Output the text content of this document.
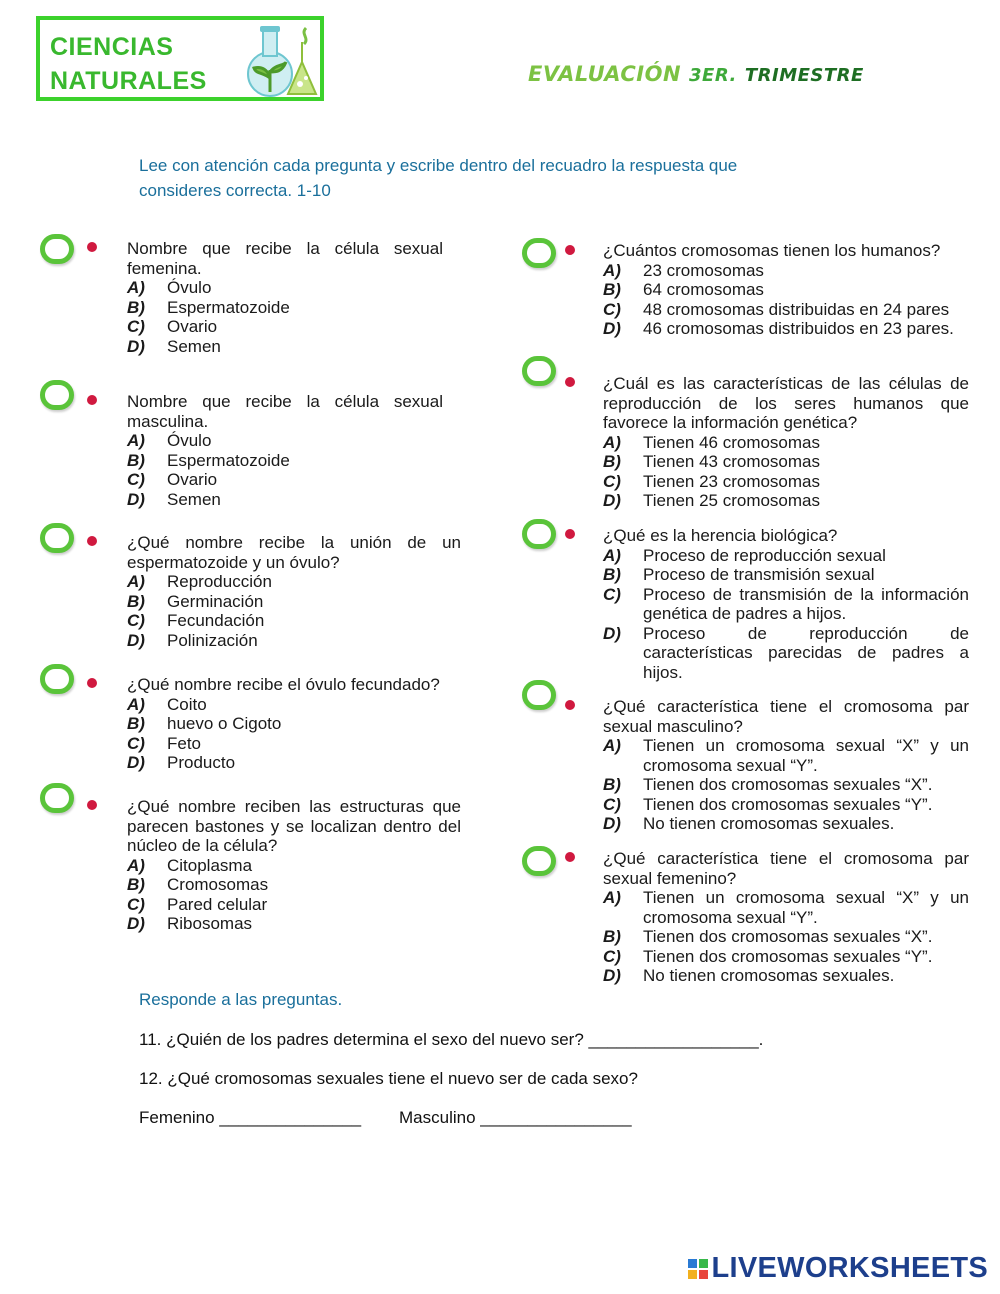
CIENCIAS
NATURALES	EVALUACIÓN 3ER. TRIMESTRE
Lee con atención cada pregunta y escribe dentro del recuadro la respuesta que consideres correcta. 1-10
Nombre que recibe la célula sexual femenina.
A)	Óvulo
B)	Espermatozoide
C)	Ovario
D)	Semen
Nombre que recibe la célula sexual masculina.
A)	Óvulo
B)	Espermatozoide
C)	Ovario
D)	Semen
¿Qué nombre recibe la unión de un espermatozoide y un óvulo?
A)	Reproducción
B)	Germinación
C)	Fecundación
D)	Polinización
¿Qué nombre recibe el óvulo fecundado?
A)	Coito
B)	huevo o Cigoto
C)	Feto
D)	Producto
¿Qué nombre reciben las estructuras que parecen bastones y se localizan dentro del núcleo de la célula?
A)	Citoplasma
B)	Cromosomas
C)	Pared celular
D)	Ribosomas
¿Cuántos cromosomas tienen los humanos?
A)	23 cromosomas
B)	64 cromosomas
C)	48 cromosomas distribuidas en 24 pares
D)	46 cromosomas distribuidos en 23 pares.
¿Cuál es las características de las células de reproducción de los seres humanos que favorece la información genética?
A)	Tienen 46 cromosomas
B)	Tienen 43 cromosomas
C)	Tienen 23 cromosomas
D)	Tienen 25 cromosomas
¿Qué es la herencia biológica?
A)	Proceso de reproducción sexual
B)	Proceso de transmisión sexual
C)	Proceso de transmisión de la información genética de padres a hijos.
D)	Proceso de reproducción de características parecidas de padres a hijos.
¿Qué característica tiene el cromosoma par sexual masculino?
A)	Tienen un cromosoma sexual “X” y un cromosoma sexual “Y”.
B)	Tienen dos cromosomas sexuales “X”.
C)	Tienen dos cromosomas sexuales “Y”.
D)	No tienen cromosomas sexuales.
¿Qué característica tiene el cromosoma par sexual femenino?
A)	Tienen un cromosoma sexual “X” y un cromosoma sexual “Y”.
B)	Tienen dos cromosomas sexuales “X”.
C)	Tienen dos cromosomas sexuales “Y”.
D)	No tienen cromosomas sexuales.
Responde a las preguntas.
11. ¿Quién de los padres determina el sexo del nuevo ser? __________________.
12. ¿Qué cromosomas sexuales tiene el nuevo ser de cada sexo?
Femenino _______________ Masculino ________________
LIVEWORKSHEETS
